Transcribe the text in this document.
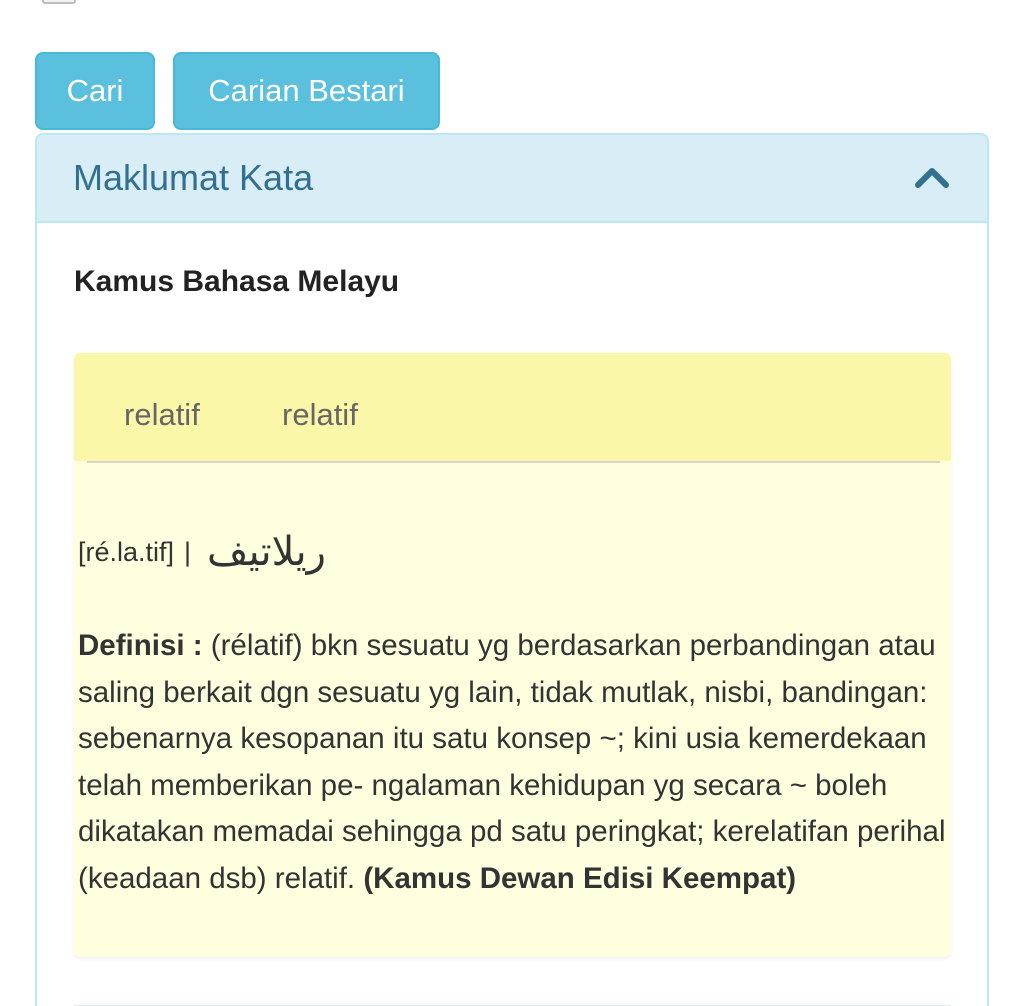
Cari	Carian Bestari
Maklumat Kata
Kamus Bahasa Melayu
relatif	relatif
[ré.la.tif] | ريلاتيف

Definisi : (rélatif) bkn sesuatu yg berdasarkan perbandingan atau saling berkait dgn sesuatu yg lain, tidak mutlak, nisbi, bandingan: sebenarnya kesopanan itu satu konsep ~; kini usia kemerdekaan telah memberikan pe- ngalaman kehidupan yg secara ~ boleh dikatakan memadai sehingga pd satu peringkat; kerelatifan perihal (keadaan dsb) relatif. (Kamus Dewan Edisi Keempat)
